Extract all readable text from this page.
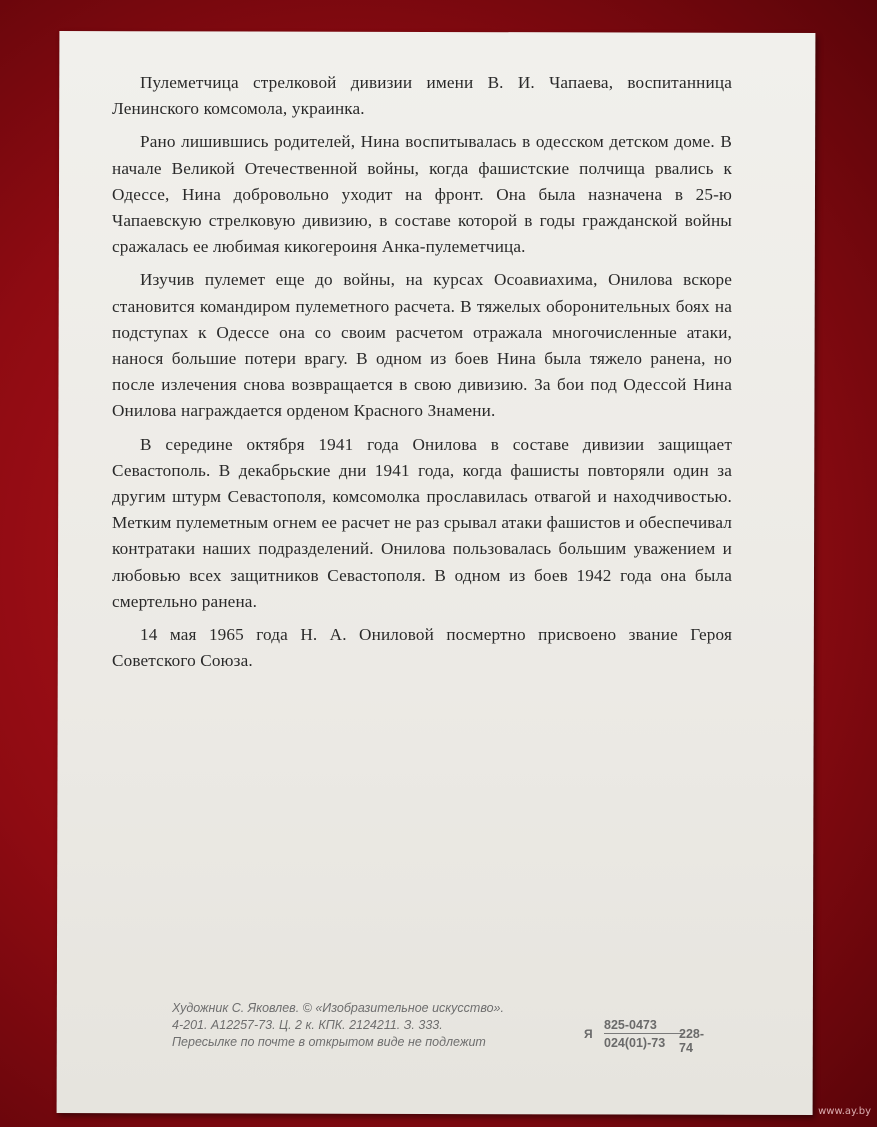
Пулеметчица стрелковой дивизии имени В. И. Чапаева, воспитанница Ленинского комсомола, украинка.

Рано лишившись родителей, Нина воспитывалась в одесском детском доме. В начале Великой Отечественной войны, когда фашистские полчища рвались к Одессе, Нина добровольно уходит на фронт. Она была назначена в 25-ю Чапаевскую стрелковую дивизию, в составе которой в годы гражданской войны сражалась ее любимая кикогероиня Анка-пулеметчица.

Изучив пулемет еще до войны, на курсах Осоавиахима, Онилова вскоре становится командиром пулеметного расчета. В тяжелых оборонительных боях на подступах к Одессе она со своим расчетом отражала многочисленные атаки, нанося большие потери врагу. В одном из боев Нина была тяжело ранена, но после излечения снова возвращается в свою дивизию. За бои под Одессой Нина Онилова награждается орденом Красного Знамени.

В середине октября 1941 года Онилова в составе дивизии защищает Севастополь. В декабрьские дни 1941 года, когда фашисты повторяли один за другим штурм Севастополя, комсомолка прославилась отвагой и находчивостью. Метким пулеметным огнем ее расчет не раз срывал атаки фашистов и обеспечивал контратаки наших подразделений. Онилова пользовалась большим уважением и любовью всех защитников Севастополя. В одном из боев 1942 года она была смертельно ранена.

14 мая 1965 года Н. А. Ониловой посмертно присвоено звание Героя Советского Союза.

Художник С. Яковлев. © «Изобразительное искусство».
4-201. А12257-73. Ц. 2 к. КПК. 2124211. З. 333.
Пересылке по почте в открытом виде не подлежит
Я $\frac{825-0473}{024(01)-73}$
228-74
www.ay.by
